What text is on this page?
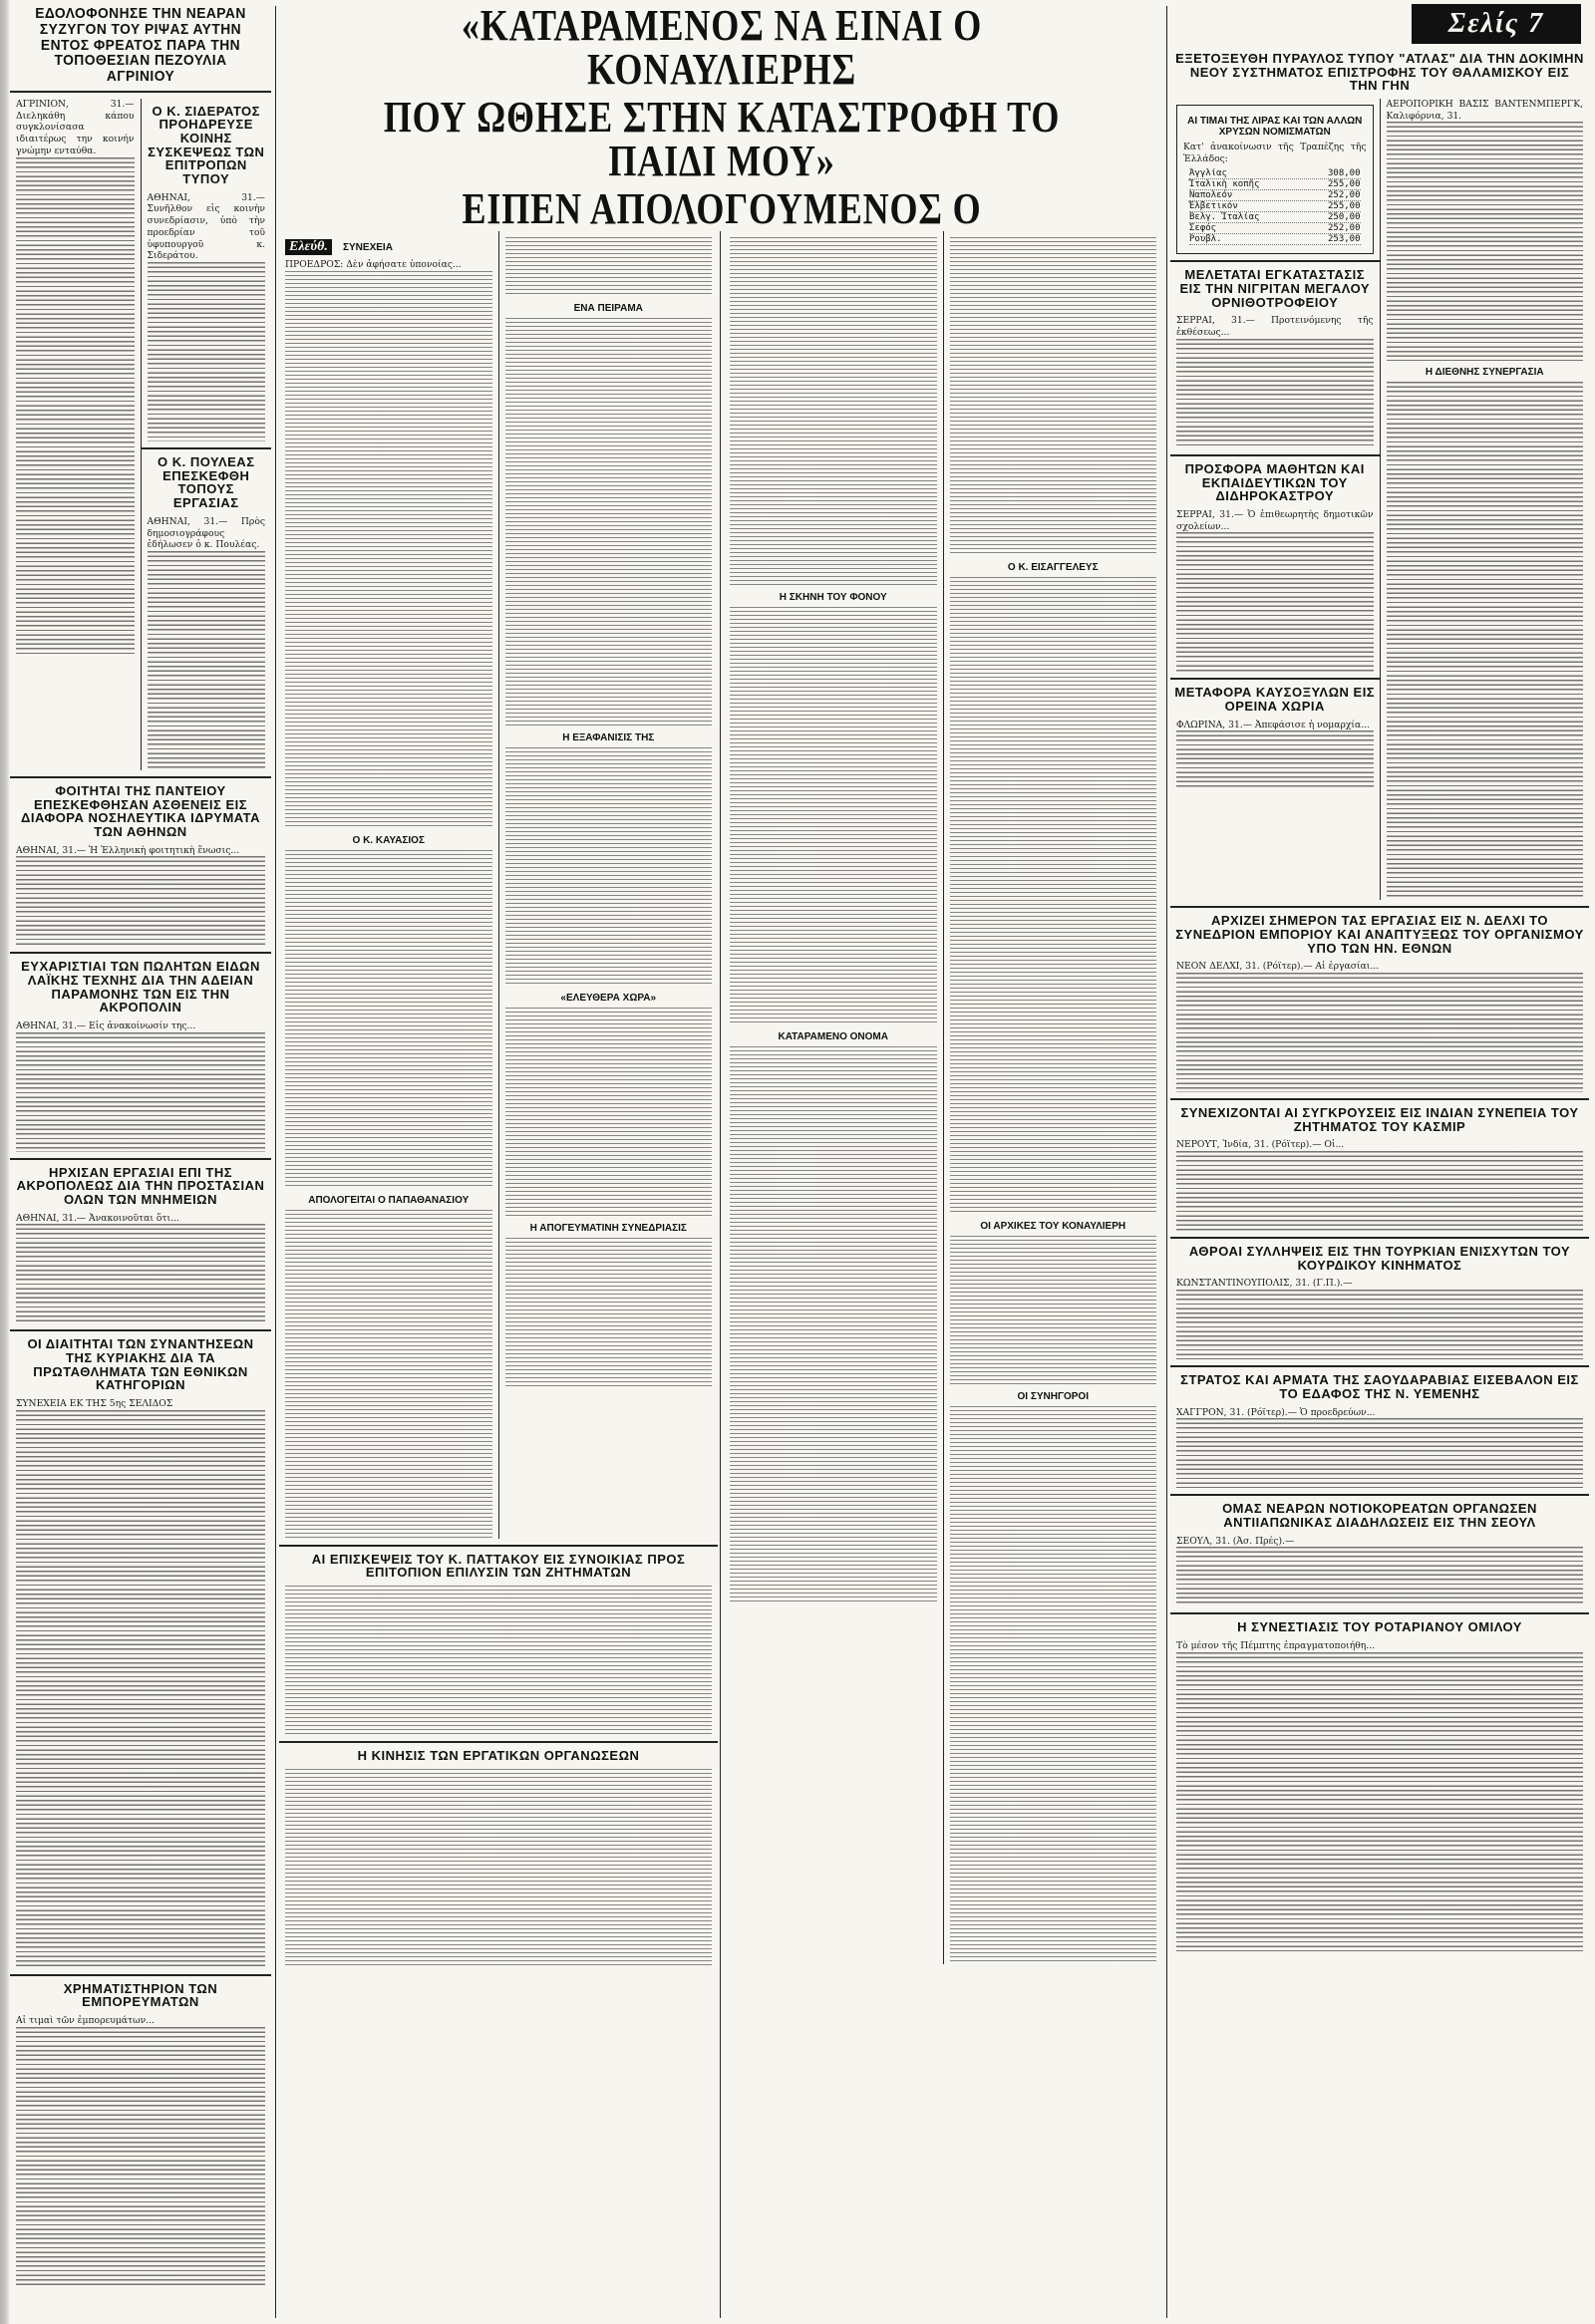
ΕΔΟΛΟΦΟΝΗΣΕ ΤΗΝ ΝΕΑΡΑΝ ΣΥΖΥΓΟΝ ΤΟΥ ΡΙΨΑΣ ΑΥΤΗΝ ΕΝΤΟΣ ΦΡΕΑΤΟΣ ΠΑΡΑ ΤΗΝ ΤΟΠΟΘΕΣΙΑΝ ΠΕΖΟΥΛΙΑ ΑΓΡΙΝΙΟΥ
ΑΓΡΙΝΙΟΝ, 31.— Διεληκάθη κάπου συγκλονίσασα ιδιαιτέρως την κοινήν γνώμην ενταύθα.
Ο Κ. ΣΙΔΕΡΑΤΟΣ ΠΡΟΗΔΡΕΥΣΕ ΚΟΙΝΗΣ ΣΥΣΚΕΨΕΩΣ ΤΩΝ ΕΠΙΤΡΟΠΩΝ ΤΥΠΟΥ
ΑΘΗΝΑΙ, 31.— Συνῆλθον εἰς κοινὴν συνεδρίασιν, ὑπὸ τὴν προεδρίαν τοῦ ὑφυπουργοῦ κ. Σιδεράτου.
Ο Κ. ΠΟΥΛΕΑΣ ΕΠΕΣΚΕΦΘΗ ΤΟΠΟΥΣ ΕΡΓΑΣΙΑΣ
ΑΘΗΝΑΙ, 31.— Πρὸς δημοσιογράφους ἐδήλωσεν ὁ κ. Πουλέας.
ΦΟΙΤΗΤΑΙ ΤΗΣ ΠΑΝΤΕΙΟΥ ΕΠΕΣΚΕΦΘΗΣΑΝ ΑΣΘΕΝΕΙΣ ΕΙΣ ΔΙΑΦΟΡΑ ΝΟΣΗΛΕΥΤΙΚΑ ΙΔΡΥΜΑΤΑ ΤΩΝ ΑΘΗΝΩΝ
ΑΘΗΝΑΙ, 31.— Ἡ Ἑλληνικὴ φοιτητικὴ ἕνωσις...
ΕΥΧΑΡΙΣΤΙΑΙ ΤΩΝ ΠΩΛΗΤΩΝ ΕΙΔΩΝ ΛΑΪΚΗΣ ΤΕΧΝΗΣ ΔΙΑ ΤΗΝ ΑΔΕΙΑΝ ΠΑΡΑΜΟΝΗΣ ΤΩΝ ΕΙΣ ΤΗΝ ΑΚΡΟΠΟΛΙΝ
ΑΘΗΝΑΙ, 31.— Εἰς ἀνακοίνωσίν της...
ΗΡΧΙΣΑΝ ΕΡΓΑΣΙΑΙ ΕΠΙ ΤΗΣ ΑΚΡΟΠΟΛΕΩΣ ΔΙΑ ΤΗΝ ΠΡΟΣΤΑΣΙΑΝ ΟΛΩΝ ΤΩΝ ΜΝΗΜΕΙΩΝ
ΑΘΗΝΑΙ, 31.— Ἀνακοινοῦται ὅτι...
ΟΙ ΔΙΑΙΤΗΤΑΙ ΤΩΝ ΣΥΝΑΝΤΗΣΕΩΝ ΤΗΣ ΚΥΡΙΑΚΗΣ ΔΙΑ ΤΑ ΠΡΩΤΑΘΛΗΜΑΤΑ ΤΩΝ ΕΘΝΙΚΩΝ ΚΑΤΗΓΟΡΙΩΝ
ΣΥΝΕΧΕΙΑ ΕΚ ΤΗΣ 5ης ΣΕΛΙΔΟΣ
ΧΡΗΜΑΤΙΣΤΗΡΙΟΝ ΤΩΝ ΕΜΠΟΡΕΥΜΑΤΩΝ
Αἱ τιμαὶ τῶν ἐμπορευμάτων...
«ΚΑΤΑΡΑΜΕΝΟΣ ΝΑ ΕΙΝΑΙ Ο ΚΟΝΑΥΛΙΕΡΗΣ
ΠΟΥ ΩΘΗΣΕ ΣΤΗΝ ΚΑΤΑΣΤΡΟΦΗ ΤΟ ΠΑΙΔΙ ΜΟΥ»
ΕΙΠΕΝ ΑΠΟΛΟΓΟΥΜΕΝΟΣ Ο
Ελεύθ. ΣΥΝΕΧΕΙΑ
ΠΡΟΕΔΡΟΣ: Δὲν ἀφήσατε ὑπονοίας...
Ο Κ. ΚΑΥΑΣΙΟΣ
ΑΠΟΛΟΓΕΙΤΑΙ Ο ΠΑΠΑΘΑΝΑΣΙΟΥ
ΕΝΑ ΠΕΙΡΑΜΑ
Η ΕΞΑΦΑΝΙΣΙΣ ΤΗΣ
«ΕΛΕΥΘΕΡΑ ΧΩΡΑ»
Η ΑΠΟΓΕΥΜΑΤΙΝΗ ΣΥΝΕΔΡΙΑΣΙΣ
ΑΙ ΕΠΙΣΚΕΨΕΙΣ ΤΟΥ Κ. ΠΑΤΤΑΚΟΥ ΕΙΣ ΣΥΝΟΙΚΙΑΣ ΠΡΟΣ ΕΠΙΤΟΠΙΟΝ ΕΠΙΛΥΣΙΝ ΤΩΝ ΖΗΤΗΜΑΤΩΝ
Η ΚΙΝΗΣΙΣ ΤΩΝ ΕΡΓΑΤΙΚΩΝ ΟΡΓΑΝΩΣΕΩΝ
Η ΣΚΗΝΗ ΤΟΥ ΦΟΝΟΥ
ΚΑΤΑΡΑΜΕΝΟ ΟΝΟΜΑ
Ο Κ. ΕΙΣΑΓΓΕΛΕΥΣ
ΟΙ ΑΡΧΙΚΕΣ ΤΟΥ ΚΟΝΑΥΛΙΕΡΗ
ΟΙ ΣΥΝΗΓΟΡΟΙ
Σελίς 7
ΕΞΕΤΟΞΕΥΘΗ ΠΥΡΑΥΛΟΣ ΤΥΠΟΥ "ΑΤΛΑΣ" ΔΙΑ ΤΗΝ ΔΟΚΙΜΗΝ ΝΕΟΥ ΣΥΣΤΗΜΑΤΟΣ ΕΠΙΣΤΡΟΦΗΣ ΤΟΥ ΘΑΛΑΜΙΣΚΟΥ ΕΙΣ ΤΗΝ ΓΗΝ
ΑΙ ΤΙΜΑΙ ΤΗΣ ΛΙΡΑΣ ΚΑΙ ΤΩΝ ΑΛΛΩΝ ΧΡΥΣΩΝ ΝΟΜΙΣΜΑΤΩΝ
Κατ' ἀνακοίνωσιν τῆς Τραπέζης τῆς Ἑλλάδος:
Ἀγγλίας	308,00
Ἰταλικὴ κοπῆς	255,00
Ναπολεόν	252,00
Ἑλβετικόν	255,00
Βελγ. Ἰταλίας	250,00
Σεφός	252,00
Ρουβλ.	253,00
ΜΕΛΕΤΑΤΑΙ ΕΓΚΑΤΑΣΤΑΣΙΣ ΕΙΣ ΤΗΝ ΝΙΓΡΙΤΑΝ ΜΕΓΑΛΟΥ ΟΡΝΙΘΟΤΡΟΦΕΙΟΥ
ΣΕΡΡΑΙ, 31.— Προτεινόμενης τῆς ἐκθέσεως...
ΠΡΟΣΦΟΡΑ ΜΑΘΗΤΩΝ ΚΑΙ ΕΚΠΑΙΔΕΥΤΙΚΩΝ ΤΟΥ ΔΙΔΗΡΟΚΑΣΤΡΟΥ
ΣΕΡΡΑΙ, 31.— Ὁ ἐπιθεωρητὴς δημοτικῶν σχολείων...
ΜΕΤΑΦΟΡΑ ΚΑΥΣΟΞΥΛΩΝ ΕΙΣ ΟΡΕΙΝΑ ΧΩΡΙΑ
ΦΛΩΡΙΝΑ, 31.— Ἀπεφάσισε ἡ νομαρχία...
ΑΕΡΟΠΟΡΙΚΗ ΒΑΣΙΣ ΒΑΝΤΕΝΜΠΕΡΓΚ, Καλιφόρνια, 31.
Η ΔΙΕΘΝΗΣ ΣΥΝΕΡΓΑΣΙΑ
ΑΡΧΙΖΕΙ ΣΗΜΕΡΟΝ ΤΑΣ ΕΡΓΑΣΙΑΣ ΕΙΣ Ν. ΔΕΛΧΙ ΤΟ ΣΥΝΕΔΡΙΟΝ ΕΜΠΟΡΙΟΥ ΚΑΙ ΑΝΑΠΤΥΞΕΩΣ ΤΟΥ ΟΡΓΑΝΙΣΜΟΥ ΥΠΟ ΤΩΝ ΗΝ. ΕΘΝΩΝ
ΝΕΟΝ ΔΕΛΧΙ, 31. (Ρόϊτερ).— Αἱ ἐργασίαι...
ΣΥΝΕΧΙΖΟΝΤΑΙ ΑΙ ΣΥΓΚΡΟΥΣΕΙΣ ΕΙΣ ΙΝΔΙΑΝ ΣΥΝΕΠΕΙΑ ΤΟΥ ΖΗΤΗΜΑΤΟΣ ΤΟΥ ΚΑΣΜΙΡ
ΝΕΡΟΥΤ, Ἰνδία, 31. (Ρόϊτερ).— Οἱ...
ΑΘΡΟΑΙ ΣΥΛΛΗΨΕΙΣ ΕΙΣ ΤΗΝ ΤΟΥΡΚΙΑΝ ΕΝΙΣΧΥΤΩΝ ΤΟΥ ΚΟΥΡΔΙΚΟΥ ΚΙΝΗΜΑΤΟΣ
ΚΩΝΣΤΑΝΤΙΝΟΥΠΟΛΙΣ, 31. (Γ.Π.).—
ΣΤΡΑΤΟΣ ΚΑΙ ΑΡΜΑΤΑ ΤΗΣ ΣΑΟΥΔΑΡΑΒΙΑΣ ΕΙΣΕΒΑΛΟΝ ΕΙΣ ΤΟ ΕΔΑΦΟΣ ΤΗΣ Ν. ΥΕΜΕΝΗΣ
ΧΑΓΓΡΟΝ, 31. (Ρόϊτερ).— Ὁ προεδρεύων...
ΟΜΑΣ ΝΕΑΡΩΝ ΝΟΤΙΟΚΟΡΕΑΤΩΝ ΟΡΓΑΝΩΣΕΝ ΑΝΤΙΙΑΠΩΝΙΚΑΣ ΔΙΑΔΗΛΩΣΕΙΣ ΕΙΣ ΤΗΝ ΣΕΟΥΛ
ΣΕΟΥΛ, 31. (Ἀσ. Πρές).—
Η ΣΥΝΕΣΤΙΑΣΙΣ ΤΟΥ ΡΟΤΑΡΙΑΝΟΥ ΟΜΙΛΟΥ
Τὸ μέσον τῆς Πέμπτης ἐπραγματοποιήθη...
